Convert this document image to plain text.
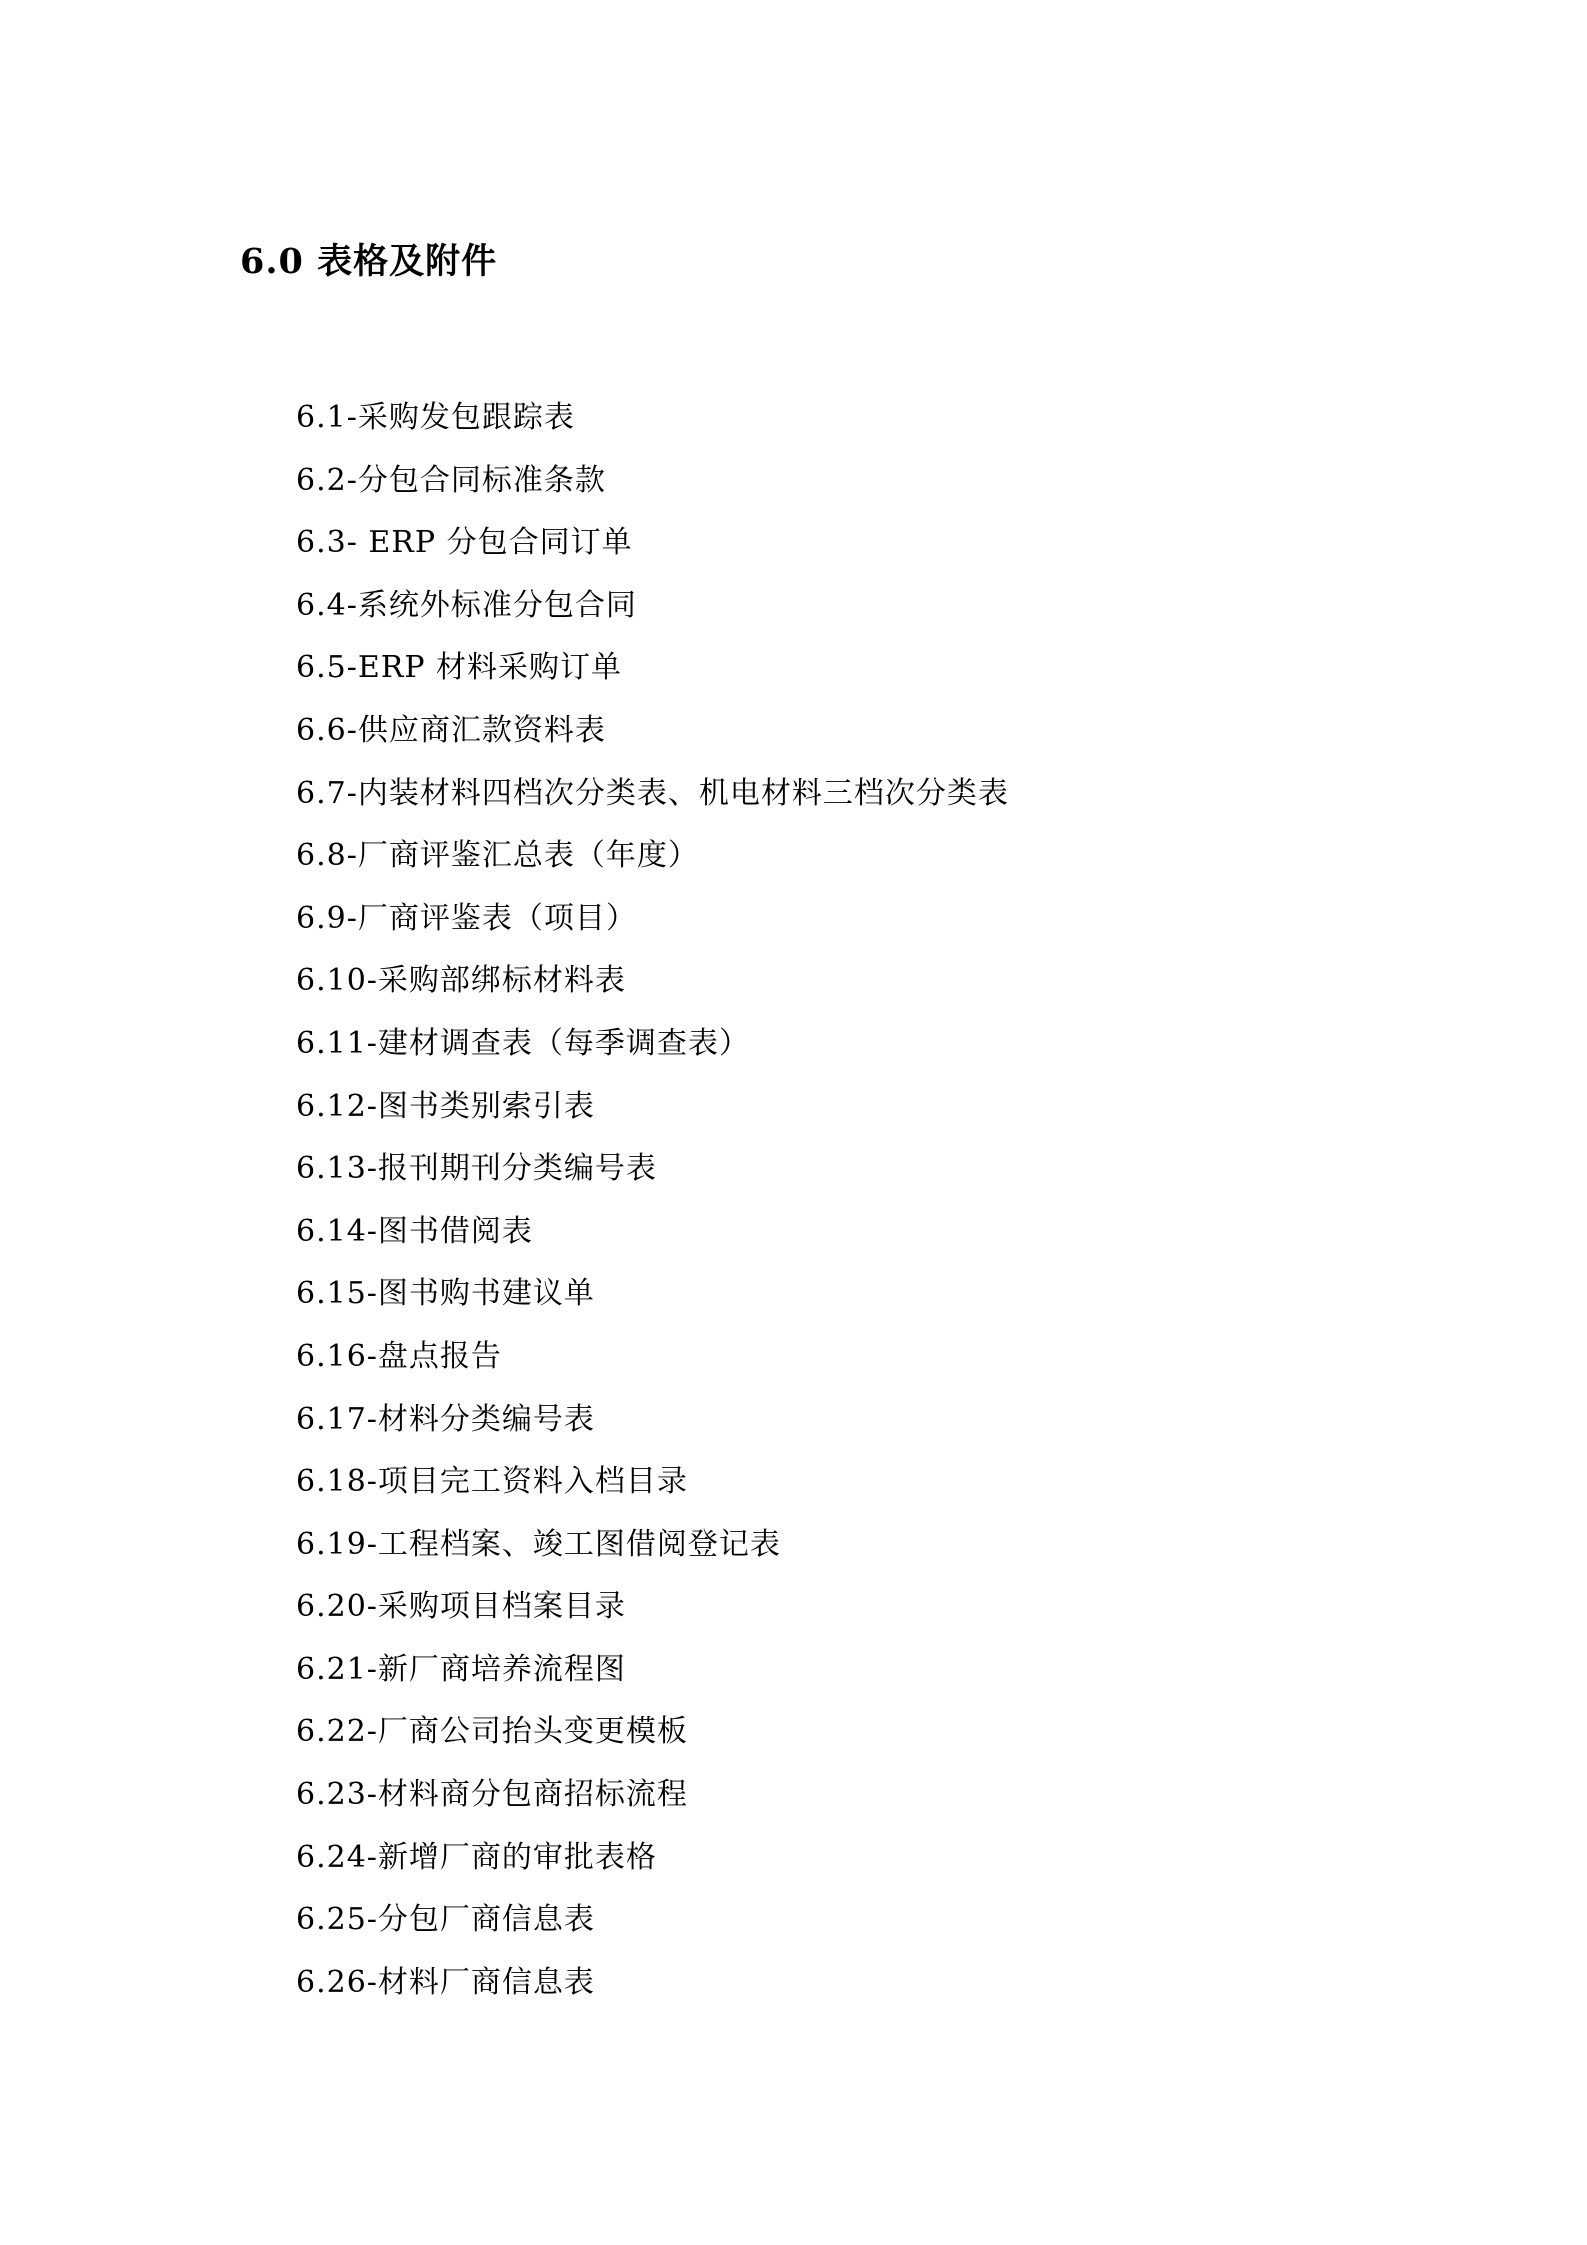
6.0 表格及附件
6.1-采购发包跟踪表
6.2-分包合同标准条款
6.3- ERP 分包合同订单
6.4-系统外标准分包合同
6.5-ERP 材料采购订单
6.6-供应商汇款资料表
6.7-内装材料四档次分类表、机电材料三档次分类表
6.8-厂商评鉴汇总表（年度）
6.9-厂商评鉴表（项目）
6.10-采购部绑标材料表
6.11-建材调查表（每季调查表）
6.12-图书类别索引表
6.13-报刊期刊分类编号表
6.14-图书借阅表
6.15-图书购书建议单
6.16-盘点报告
6.17-材料分类编号表
6.18-项目完工资料入档目录
6.19-工程档案、竣工图借阅登记表
6.20-采购项目档案目录
6.21-新厂商培养流程图
6.22-厂商公司抬头变更模板
6.23-材料商分包商招标流程
6.24-新增厂商的审批表格
6.25-分包厂商信息表
6.26-材料厂商信息表
